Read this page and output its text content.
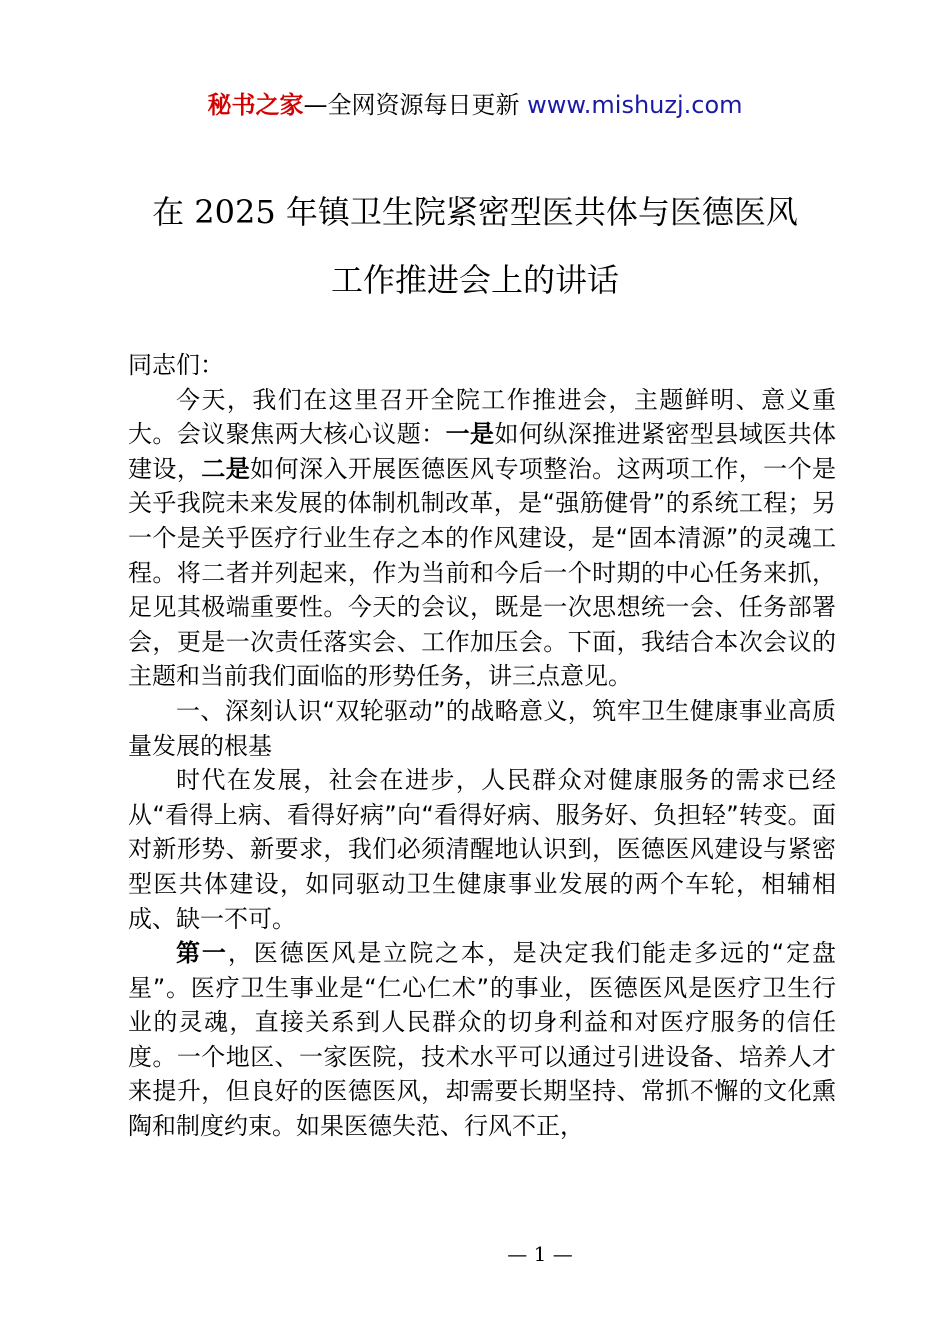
秘书之家—全网资源每日更新 www.mishuzj.com
在 2025 年镇卫生院紧密型医共体与医德医风
工作推进会上的讲话

同志们：

今天，我们在这里召开全院工作推进会，主题鲜明、意义重大。会议聚焦两大核心议题：一是如何纵深推进紧密型县域医共体建设，二是如何深入开展医德医风专项整治。这两项工作，一个是关乎我院未来发展的体制机制改革，是“强筋健骨”的系统工程；另一个是关乎医疗行业生存之本的作风建设，是“固本清源”的灵魂工程。将二者并列起来，作为当前和今后一个时期的中心任务来抓，足见其极端重要性。今天的会议，既是一次思想统一会、任务部署会，更是一次责任落实会、工作加压会。下面，我结合本次会议的主题和当前我们面临的形势任务，讲三点意见。

一、深刻认识“双轮驱动”的战略意义，筑牢卫生健康事业高质量发展的根基

时代在发展，社会在进步，人民群众对健康服务的需求已经从“看得上病、看得好病”向“看得好病、服务好、负担轻”转变。面对新形势、新要求，我们必须清醒地认识到，医德医风建设与紧密型医共体建设，如同驱动卫生健康事业发展的两个车轮，相辅相成、缺一不可。

第一，医德医风是立院之本，是决定我们能走多远的“定盘星”。医疗卫生事业是“仁心仁术”的事业，医德医风是医疗卫生行业的灵魂，直接关系到人民群众的切身利益和对医疗服务的信任度。一个地区、一家医院，技术水平可以通过引进设备、培养人才来提升，但良好的医德医风，却需要长期坚持、常抓不懈的文化熏陶和制度约束。如果医德失范、行风不正，

— 1 —
